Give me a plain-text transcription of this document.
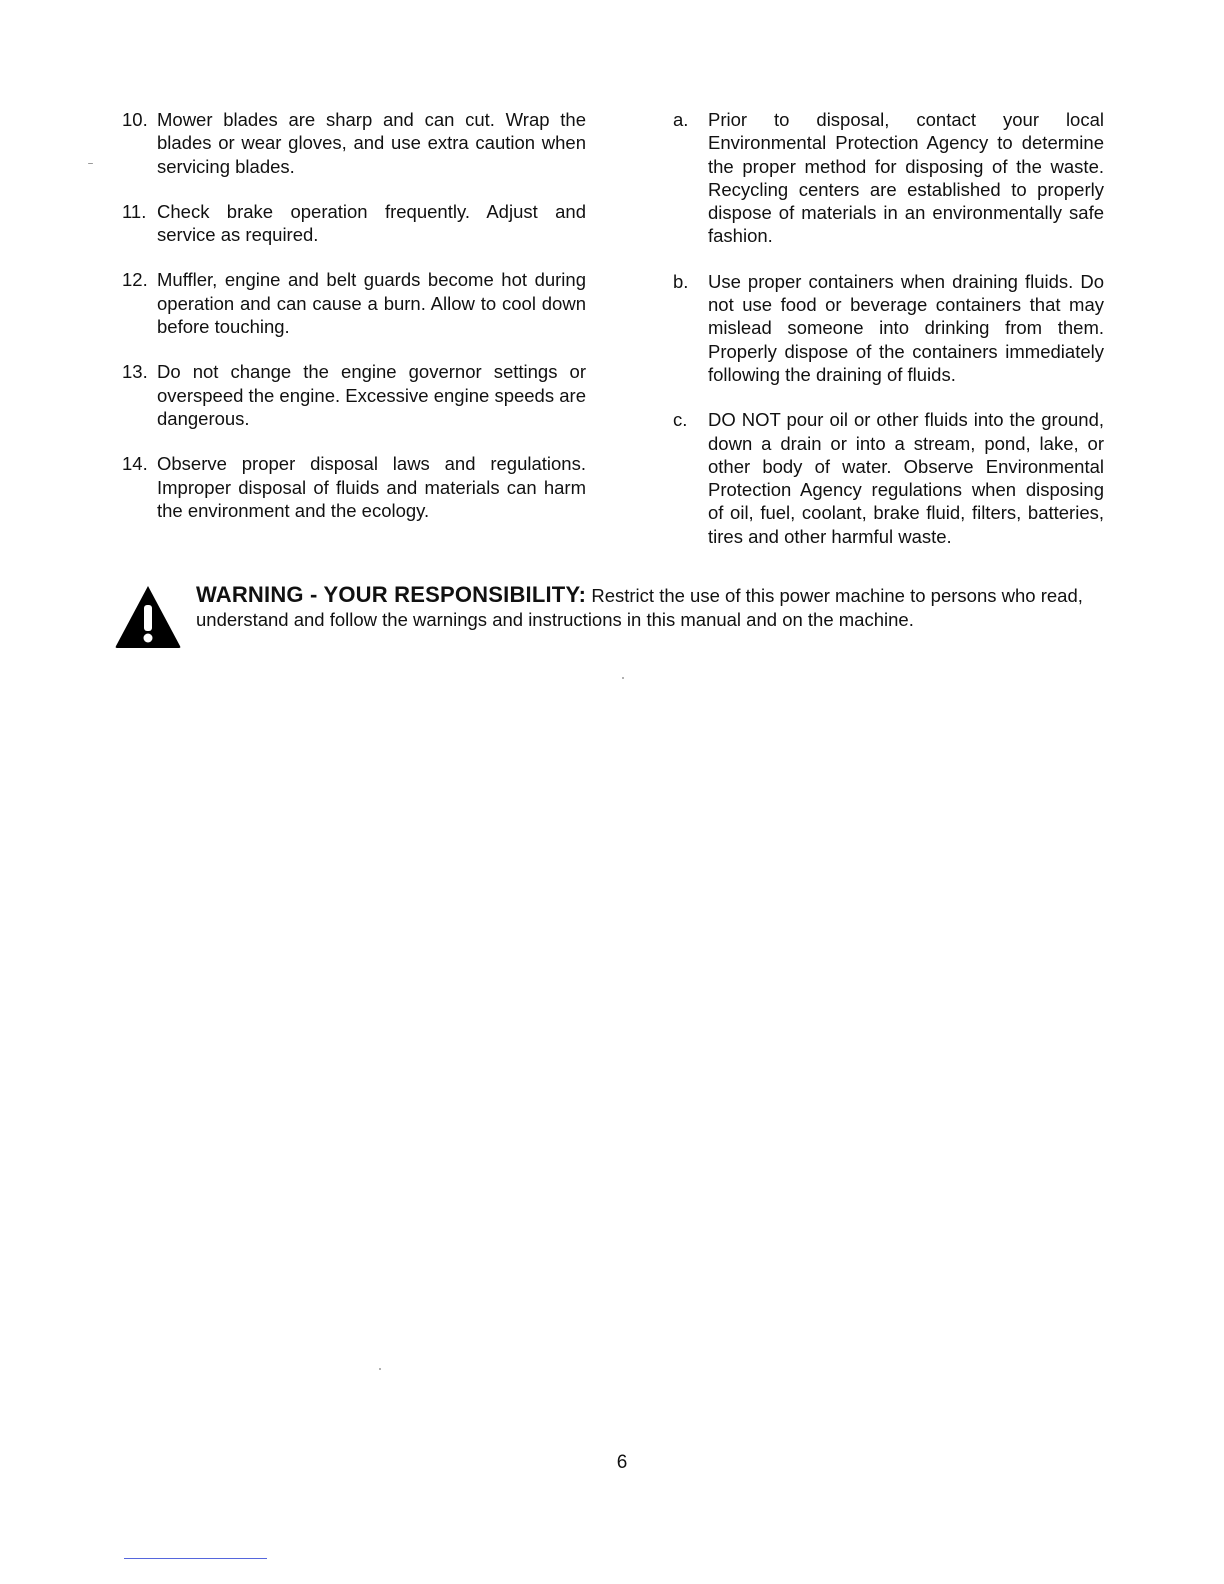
10. Mower blades are sharp and can cut. Wrap the blades or wear gloves, and use extra caution when servicing blades.
11. Check brake operation frequently. Adjust and service as required.
12. Muffler, engine and belt guards become hot during operation and can cause a burn. Allow to cool down before touching.
13. Do not change the engine governor settings or overspeed the engine. Excessive engine speeds are dangerous.
14. Observe proper disposal laws and regulations. Improper disposal of fluids and materials can harm the environment and the ecology.
a.	Prior to disposal, contact your local Environmental Protection Agency to determine the proper method for disposing of the waste. Recycling centers are established to properly dispose of materials in an environmentally safe fashion.
b.	Use proper containers when draining fluids. Do not use food or beverage containers that may mislead someone into drinking from them. Properly dispose of the containers immediately following the draining of fluids.
c.	DO NOT pour oil or other fluids into the ground, down a drain or into a stream, pond, lake, or other body of water. Observe Environmental Protection Agency regulations when disposing of oil, fuel, coolant, brake fluid, filters, batteries, tires and other harmful waste.
WARNING - YOUR RESPONSIBILITY: Restrict the use of this power machine to persons who read, understand and follow the warnings and instructions in this manual and on the machine.
6
